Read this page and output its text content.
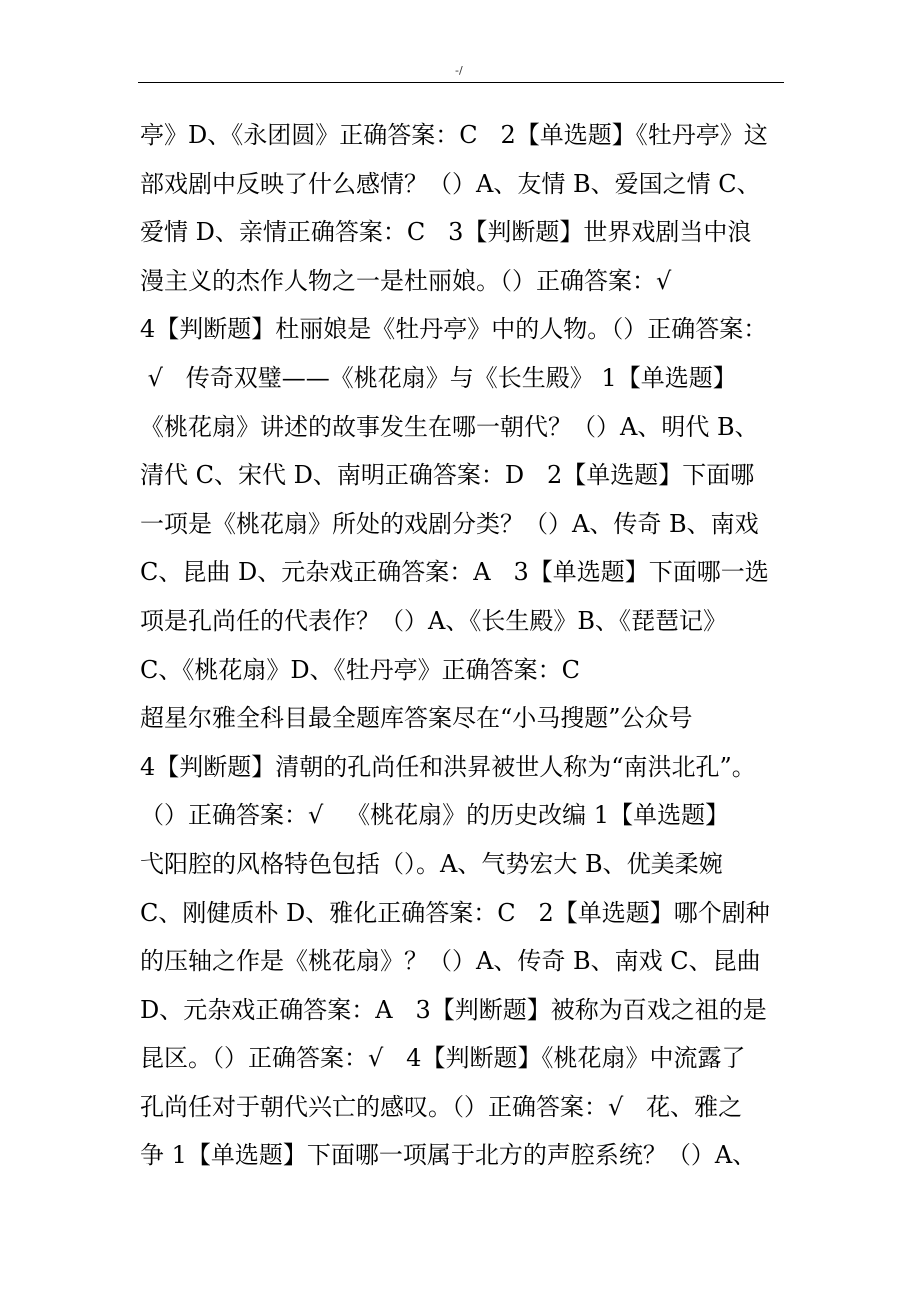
-/
亭》D、《永团圆》正确答案：C   2【单选题】《牡丹亭》这
部戏剧中反映了什么感情？（）A、友情 B、爱国之情 C、
爱情 D、亲情正确答案：C   3【判断题】世界戏剧当中浪
漫主义的杰作人物之一是杜丽娘。（）正确答案：√
4【判断题】杜丽娘是《牡丹亭》中的人物。（）正确答案：
√   传奇双璧——《桃花扇》与《长生殿》 1【单选题】
《桃花扇》讲述的故事发生在哪一朝代？（）A、明代 B、
清代 C、宋代 D、南明正确答案：D   2【单选题】下面哪
一项是《桃花扇》所处的戏剧分类？（）A、传奇 B、南戏
C、昆曲 D、元杂戏正确答案：A   3【单选题】下面哪一选
项是孔尚任的代表作？（）A、《长生殿》B、《琵琶记》
C、《桃花扇》D、《牡丹亭》正确答案：C
超星尔雅全科目最全题库答案尽在“小马搜题”公众号
4【判断题】清朝的孔尚任和洪昇被世人称为“南洪北孔”。
（）正确答案：√   《桃花扇》的历史改编 1【单选题】
弋阳腔的风格特色包括（）。A、气势宏大 B、优美柔婉
C、刚健质朴 D、雅化正确答案：C   2【单选题】哪个剧种
的压轴之作是《桃花扇》？（）A、传奇 B、南戏 C、昆曲
D、元杂戏正确答案：A   3【判断题】被称为百戏之祖的是
昆区。（）正确答案：√   4【判断题】《桃花扇》中流露了
孔尚任对于朝代兴亡的感叹。（）正确答案：√   花、雅之
争 1【单选题】下面哪一项属于北方的声腔系统？（）A、
